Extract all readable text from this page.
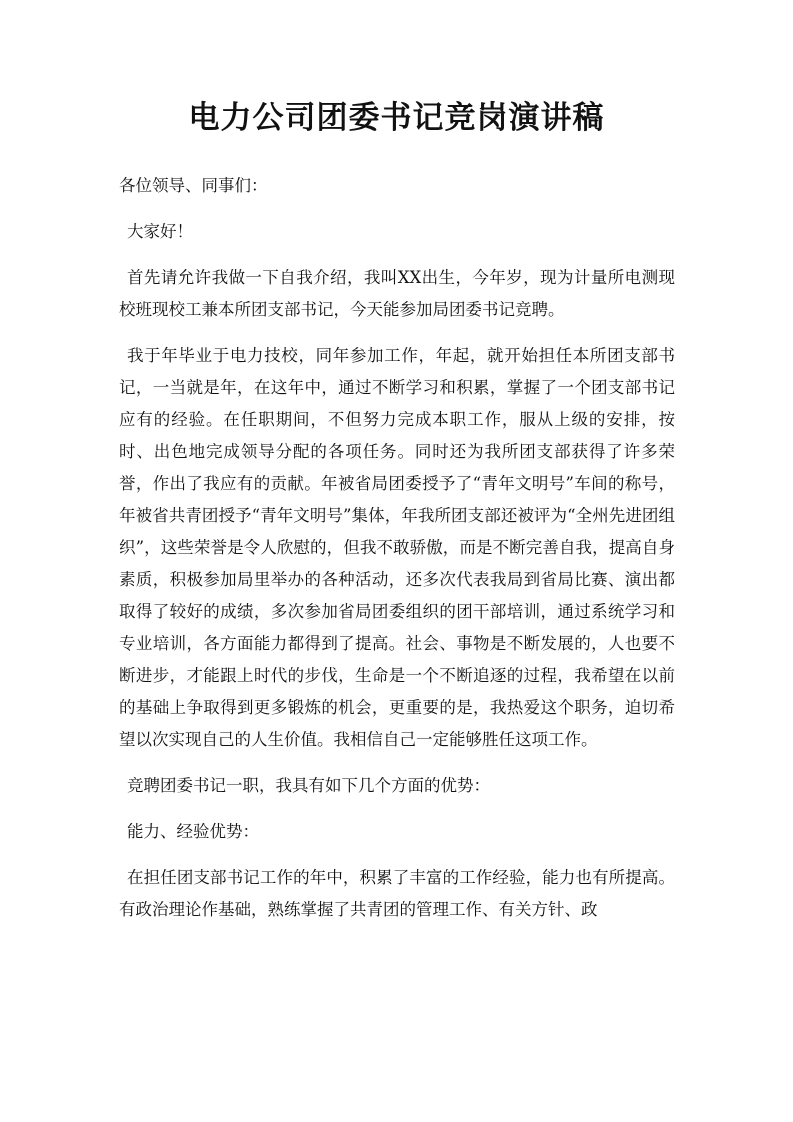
电力公司团委书记竞岗演讲稿

各位领导、同事们：

大家好！

首先请允许我做一下自我介绍，我叫XX出生，今年岁，现为计量所电测现校班现校工兼本所团支部书记，今天能参加局团委书记竞聘。

我于年毕业于电力技校，同年参加工作，年起，就开始担任本所团支部书记，一当就是年，在这年中，通过不断学习和积累，掌握了一个团支部书记应有的经验。在任职期间，不但努力完成本职工作，服从上级的安排，按时、出色地完成领导分配的各项任务。同时还为我所团支部获得了许多荣誉，作出了我应有的贡献。年被省局团委授予了“青年文明号”车间的称号，年被省共青团授予“青年文明号”集体，年我所团支部还被评为“全州先进团组织”，这些荣誉是令人欣慰的，但我不敢骄傲，而是不断完善自我，提高自身素质，积极参加局里举办的各种活动，还多次代表我局到省局比赛、演出都取得了较好的成绩，多次参加省局团委组织的团干部培训，通过系统学习和专业培训，各方面能力都得到了提高。社会、事物是不断发展的，人也要不断进步，才能跟上时代的步伐，生命是一个不断追逐的过程，我希望在以前的基础上争取得到更多锻炼的机会，更重要的是，我热爱这个职务，迫切希望以次实现自己的人生价值。我相信自己一定能够胜任这项工作。

竞聘团委书记一职，我具有如下几个方面的优势：

能力、经验优势：

在担任团支部书记工作的年中，积累了丰富的工作经验，能力也有所提高。有政治理论作基础，熟练掌握了共青团的管理工作、有关方针、政
